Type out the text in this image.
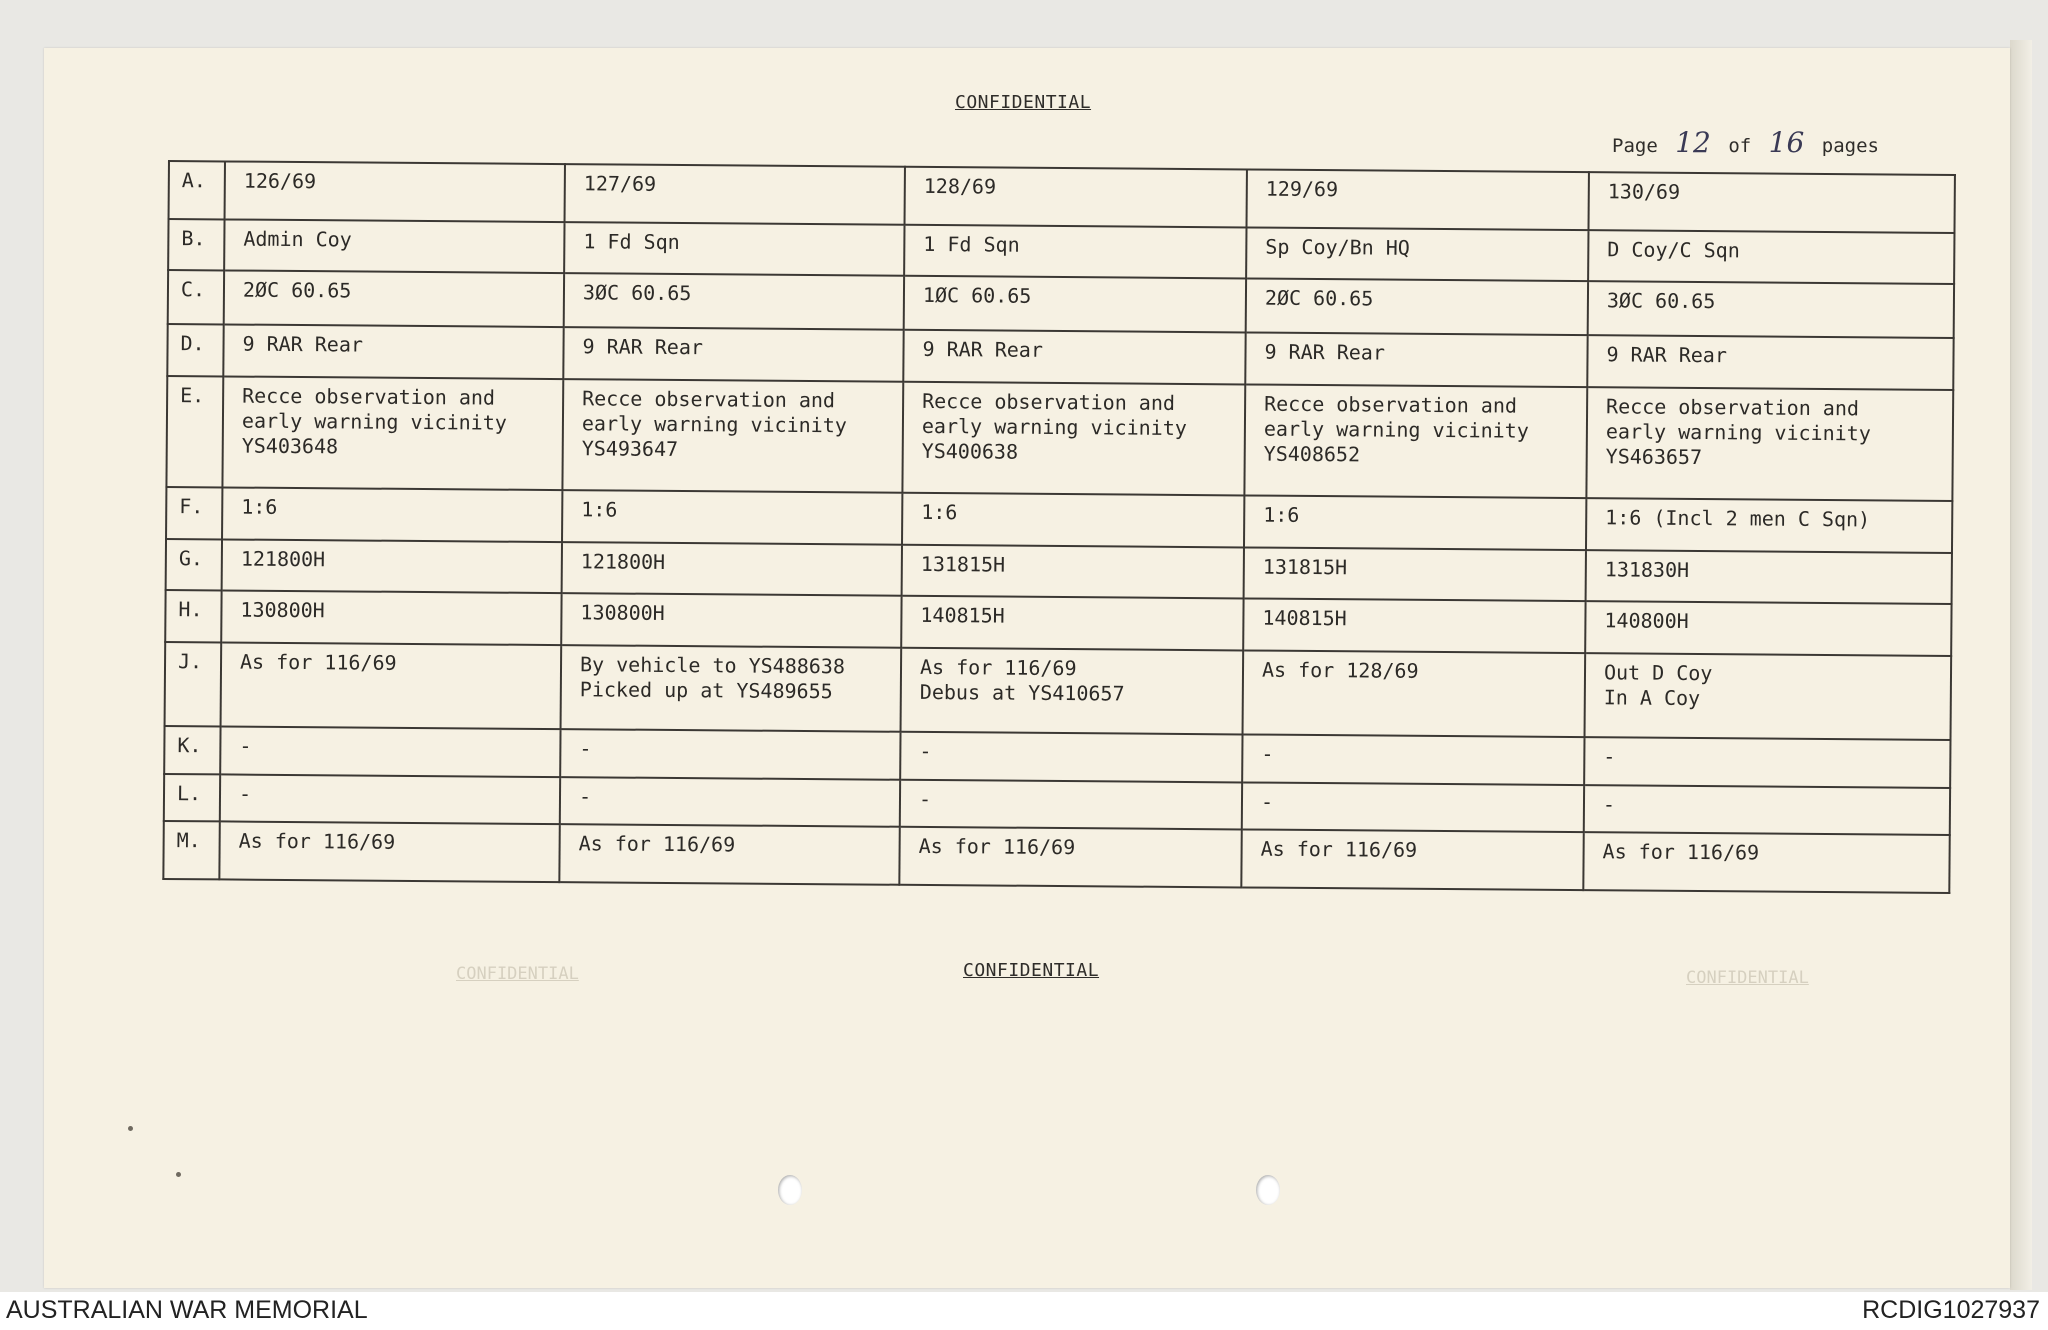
CONFIDENTIAL
CONFIDENTIAL	CONFIDENTIAL
Page 12 of 16 pages
A.	126/69	127/69	128/69	129/69	130/69
B.	Admin Coy	1 Fd Sqn	1 Fd Sqn	Sp Coy/Bn HQ	D Coy/C Sqn
C.	2ØC 60.65	3ØC 60.65	1ØC 60.65	2ØC 60.65	3ØC 60.65
D.	9 RAR Rear	9 RAR Rear	9 RAR Rear	9 RAR Rear	9 RAR Rear
E.	Recce observation and
early warning vicinity
YS403648	Recce observation and
early warning vicinity
YS493647	Recce observation and
early warning vicinity
YS400638	Recce observation and
early warning vicinity
YS408652	Recce observation and
early warning vicinity
YS463657
F.	1:6	1:6	1:6	1:6	1:6 (Incl 2 men C Sqn)
G.	121800H	121800H	131815H	131815H	131830H
H.	130800H	130800H	140815H	140815H	140800H
J.	As for 116/69	By vehicle to YS488638
Picked up at YS489655	As for 116/69
Debus at YS410657	As for 128/69	Out D Coy
In A Coy
K.	-	-	-	-	-
L.	-	-	-	-	-
M.	As for 116/69	As for 116/69	As for 116/69	As for 116/69	As for 116/69
CONFIDENTIAL
AUSTRALIAN WAR MEMORIAL	RCDIG1027937
